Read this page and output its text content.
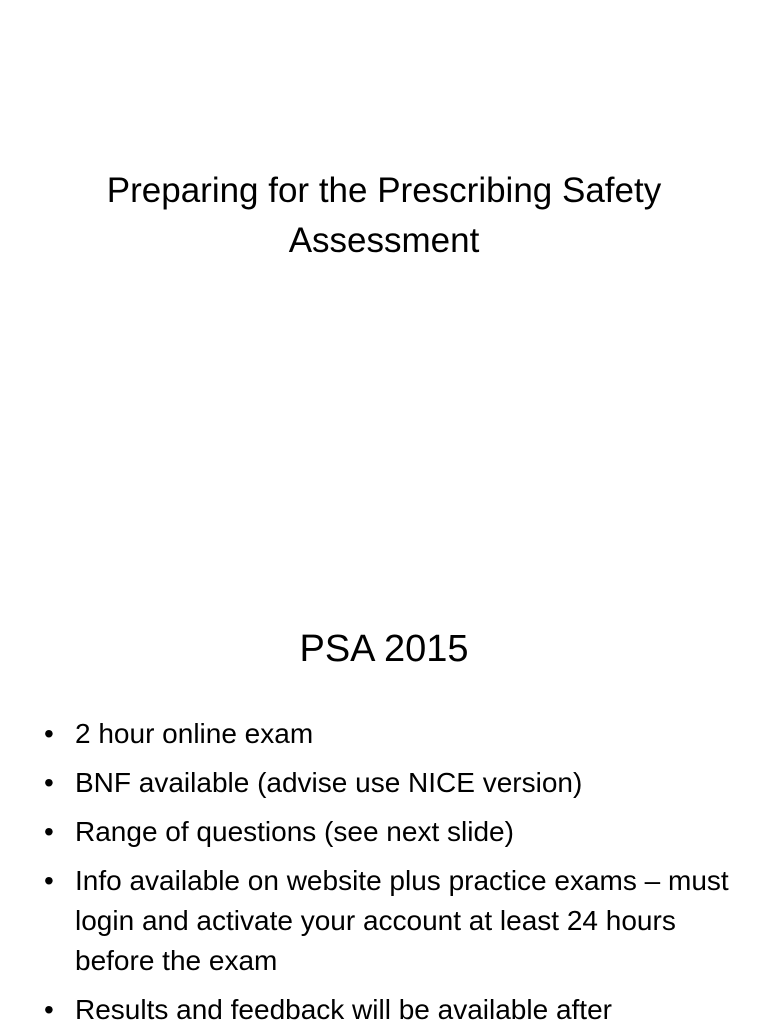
Preparing for the Prescribing Safety Assessment
PSA 2015
• 2 hour online exam
• BNF available (advise use NICE version)
• Range of questions (see next slide)
• Info available on website plus practice exams – must login and activate your account at least 24 hours before the exam
• Results and feedback will be available after
